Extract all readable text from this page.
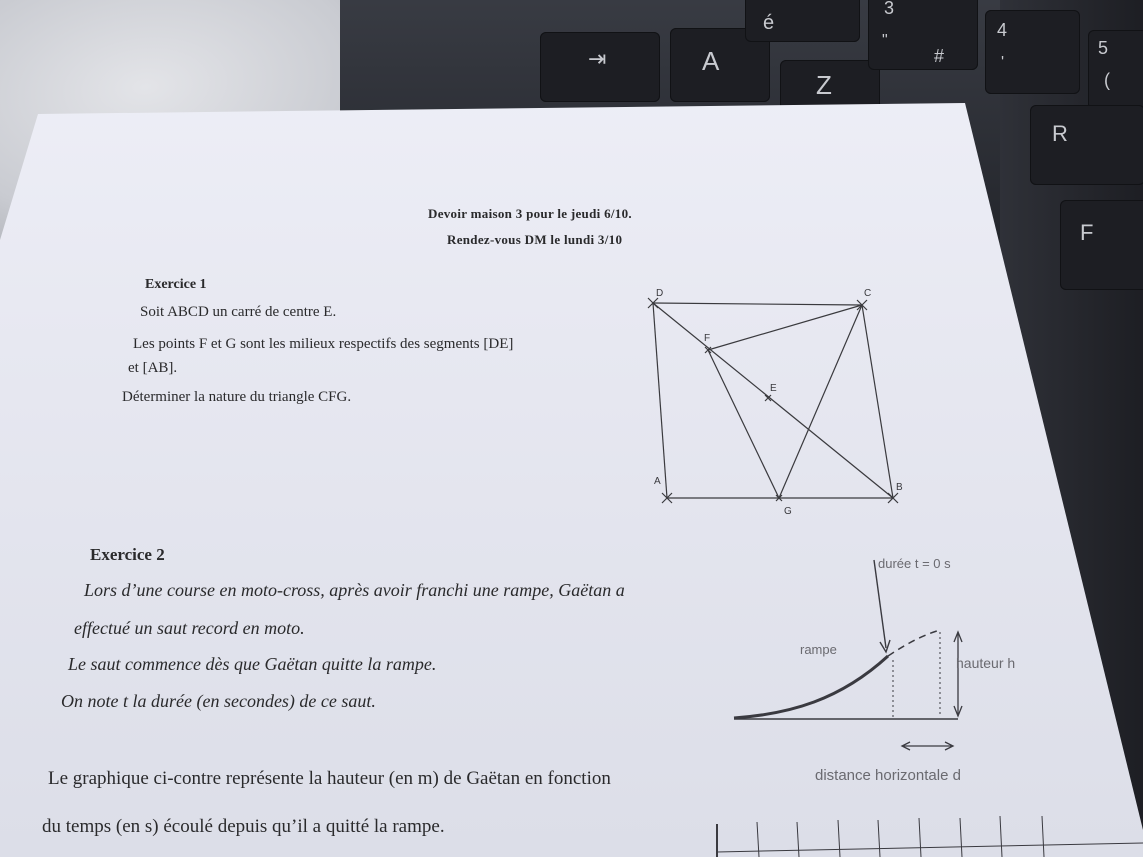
⇥	A
Z
é
3
"
#
4
'
5
(
R
F
Devoir maison 3 pour le jeudi 6/10.
Rendez-vous DM le lundi 3/10
Exercice 1
Soit ABCD un carré de centre E.
Les points F et G sont les milieux respectifs des segments [DE]
et [AB].
Déterminer la nature du triangle CFG.
D	C
F
E
A
B
G
Exercice 2
Lors d’une course en moto-cross, après avoir franchi une rampe, Gaëtan a
effectué un saut record en moto.
Le saut commence dès que Gaëtan quitte la rampe.
On note t la durée (en secondes) de ce saut.
Le graphique ci-contre représente la hauteur (en m) de Gaëtan en fonction
du temps (en s) écoulé depuis qu’il a quitté la rampe.
durée t = 0 s
rampe
hauteur h
distance horizontale d
